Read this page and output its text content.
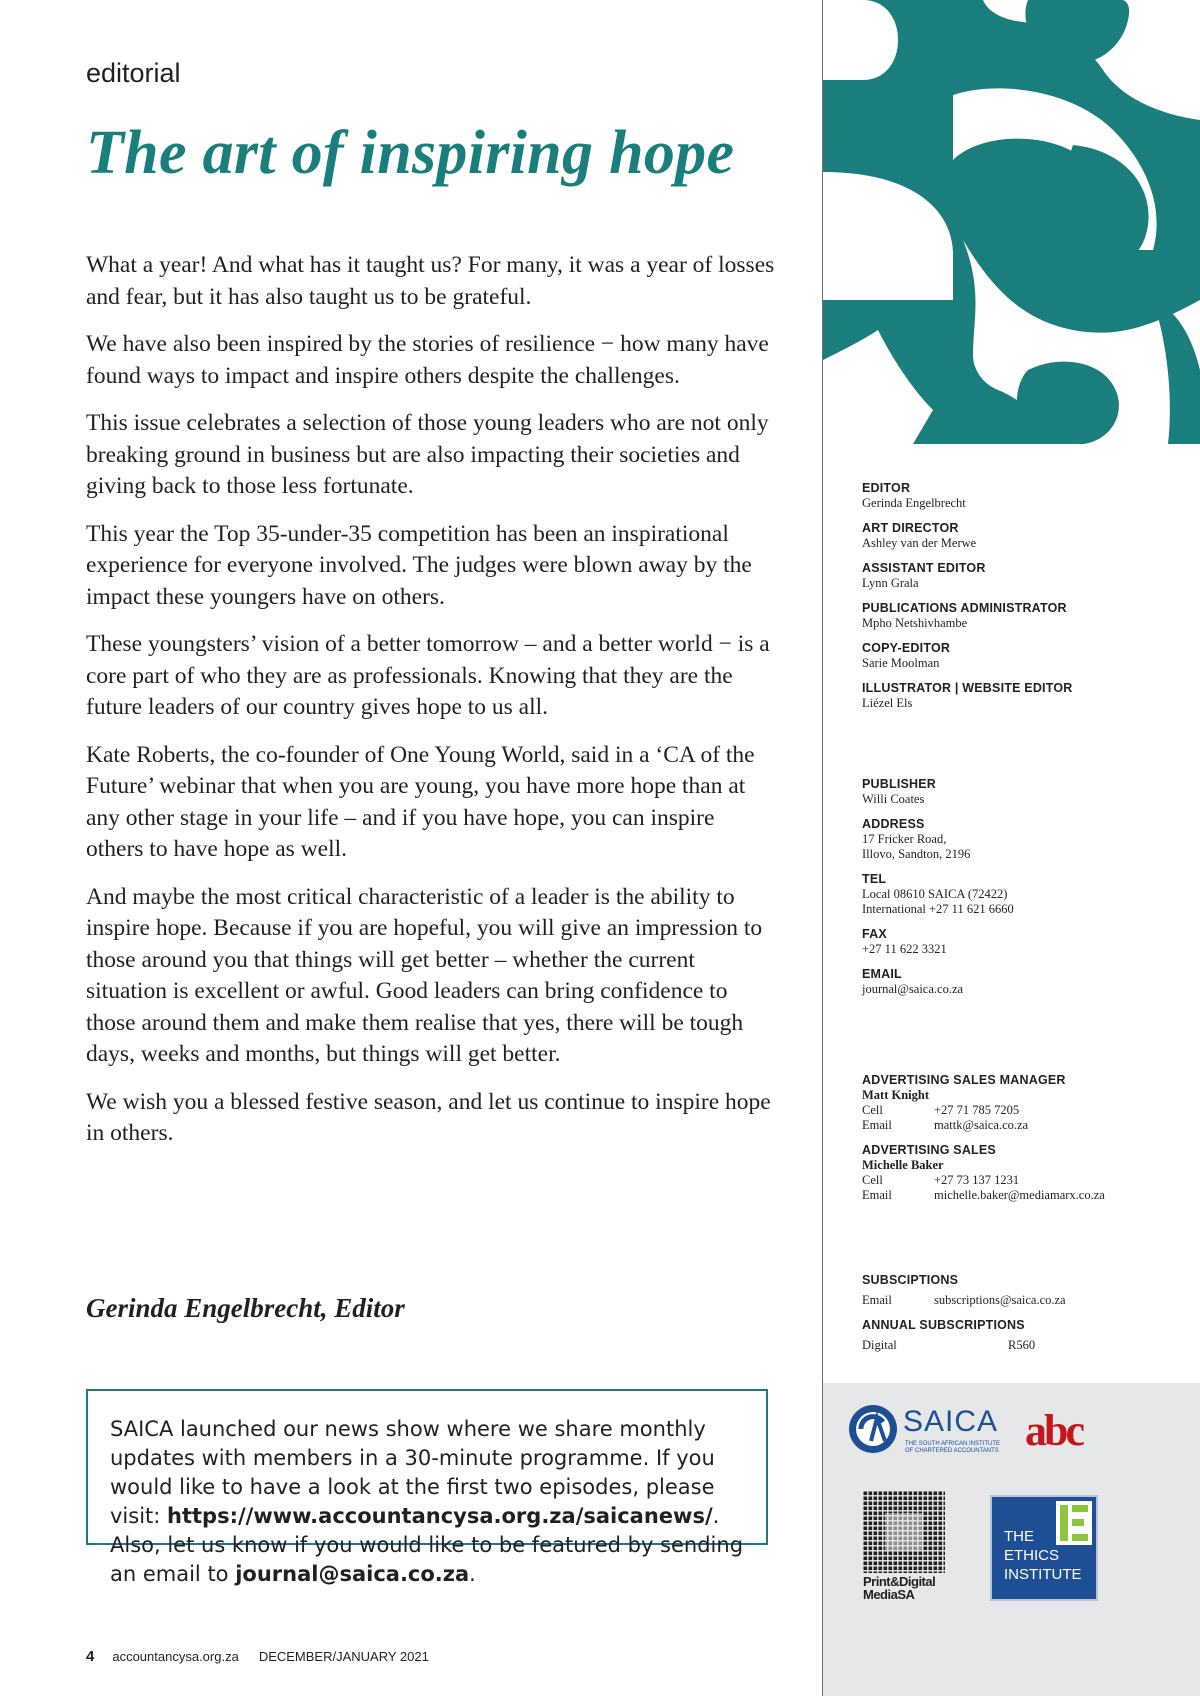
editorial
The art of inspiring hope

What a year! And what has it taught us? For many, it was a year of losses and fear, but it has also taught us to be grateful.

We have also been inspired by the stories of resilience − how many have found ways to impact and inspire others despite the challenges.

This issue celebrates a selection of those young leaders who are not only breaking ground in business but are also impacting their societies and giving back to those less fortunate.

This year the Top 35-under-35 competition has been an inspirational experience for everyone involved. The judges were blown away by the impact these youngers have on others.

These youngsters’ vision of a better tomorrow – and a better world − is a core part of who they are as professionals. Knowing that they are the future leaders of our country gives hope to us all.

Kate Roberts, the co-founder of One Young World, said in a ‘CA of the Future’ webinar that when you are young, you have more hope than at any other stage in your life – and if you have hope, you can inspire others to have hope as well.

And maybe the most critical characteristic of a leader is the ability to inspire hope. Because if you are hopeful, you will give an impression to those around you that things will get better – whether the current situation is excellent or awful. Good leaders can bring confidence to those around them and make them realise that yes, there will be tough days, weeks and months, but things will get better.

We wish you a blessed festive season, and let us continue to inspire hope in others.

Gerinda Engelbrecht, Editor
SAICA launched our news show where we share monthly updates with members in a 30-minute programme. If you would like to have a look at the first two episodes, please visit: https://www.accountancysa.org.za/saicanews/. Also, let us know if you would like to be featured by sending an email to journal@saica.co.za.
4 accountancysa.org.za DECEMBER/JANUARY 2021
EDITOR
Gerinda Engelbrecht
ART DIRECTOR
Ashley van der Merwe
ASSISTANT EDITOR
Lynn Grala
PUBLICATIONS ADMINISTRATOR
Mpho Netshivhambe
COPY-EDITOR
Sarie Moolman
ILLUSTRATOR | WEBSITE EDITOR
Liézel Els
PUBLISHER
Willi Coates
ADDRESS
17 Fricker Road,
Illovo, Sandton, 2196
TEL
Local 08610 SAICA (72422)
International +27 11 621 6660
FAX
+27 11 622 3321
EMAIL
journal@saica.co.za
ADVERTISING SALES MANAGER
Matt Knight
Cell	+27 71 785 7205
Email	mattk@saica.co.za
ADVERTISING SALES
Michelle Baker
Cell	+27 73 137 1231
Email	michelle.baker@mediamarx.co.za
SUBSCIPTIONS
Email	subscriptions@saica.co.za
ANNUAL SUBSCRIPTIONS
Digital	R560
SAICA
THE SOUTH AFRICAN INSTITUTE
OF CHARTERED ACCOUNTANTS abc
Print&Digital
MediaSA
THE
ETHICS
INSTITUTE
